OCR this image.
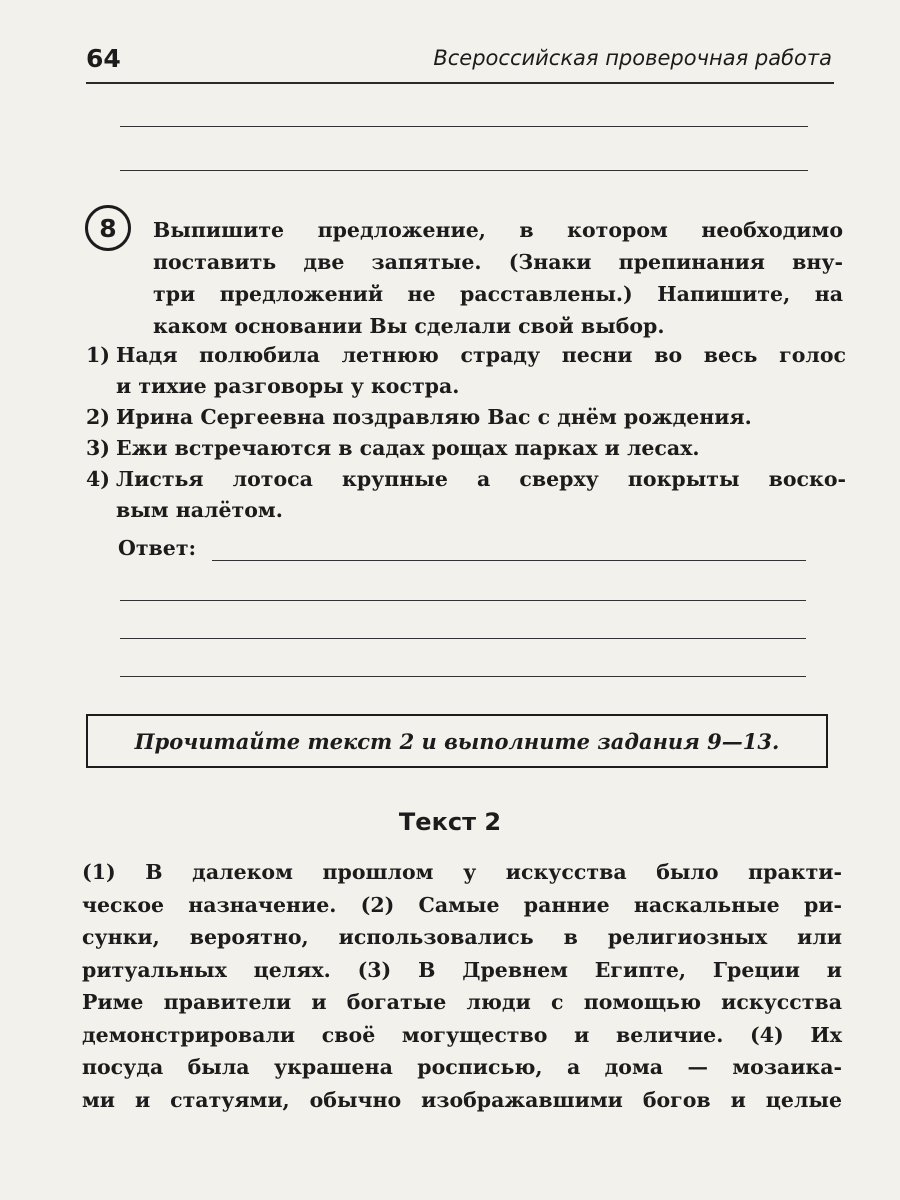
64	Всероссийская проверочная работа
8 Выпишите предложение, в котором необходимо
поставить две запятые. (Знаки препинания вну-
три предложений не расставлены.) Напишите, на
каком основании Вы сделали свой выбор.

1) Надя полюбила летнюю страду песни во весь голос
и тихие разговоры у костра.
2) Ирина Сергеевна поздравляю Вас с днём рождения.
3) Ежи встречаются в садах рощах парках и лесах.
4) Листья лотоса крупные а сверху покрыты воско-
вым налётом.
Ответ:
Прочитайте текст 2 и выполните задания 9—13.
Текст 2

(1) В далеком прошлом у искусства было практи-
ческое назначение. (2) Самые ранние наскальные ри-
сунки, вероятно, использовались в религиозных или
ритуальных целях. (3) В Древнем Египте, Греции и
Риме правители и богатые люди с помощью искусства
демонстрировали своё могущество и величие. (4) Их
посуда была украшена росписью, а дома — мозаика-
ми и статуями, обычно изображавшими богов и целые
